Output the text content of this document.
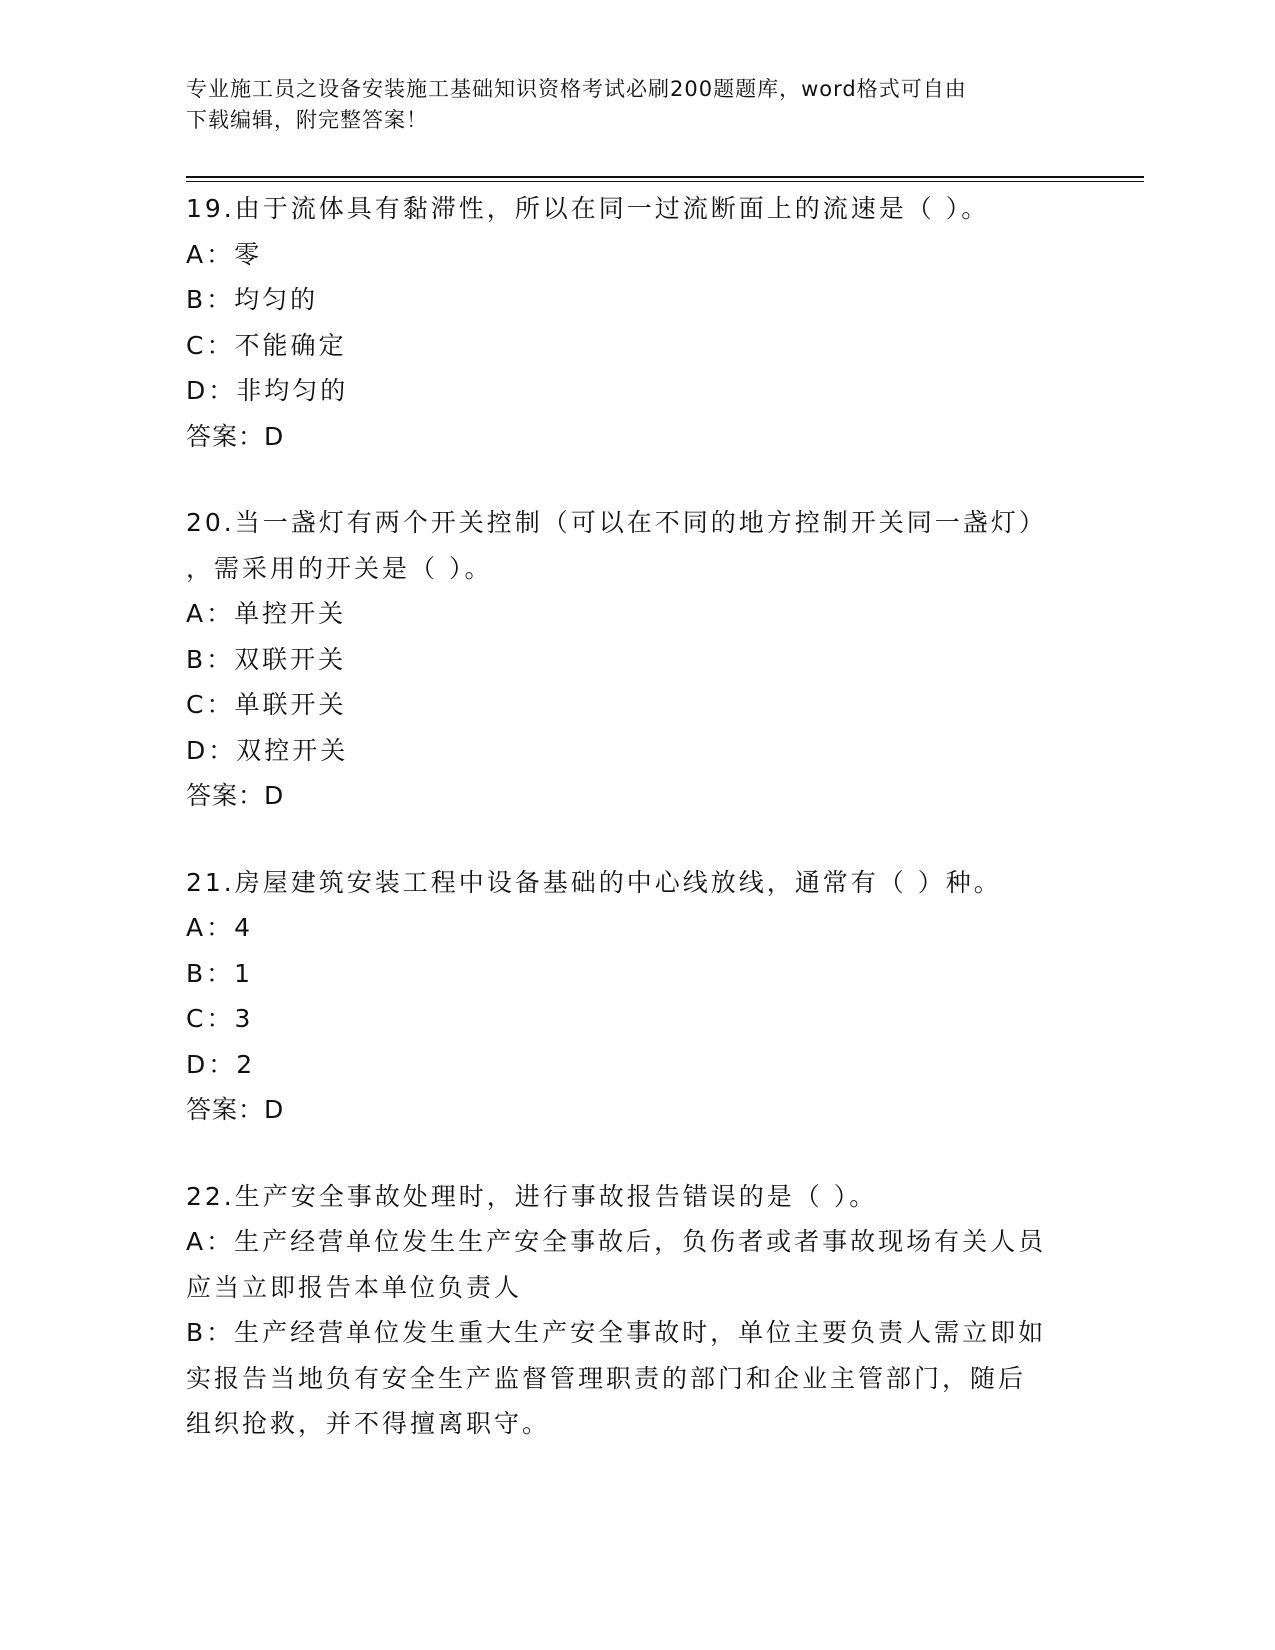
专业施工员之设备安装施工基础知识资格考试必刷200题题库，word格式可自由
下载编辑，附完整答案！
19.由于流体具有黏滞性，所以在同一过流断面上的流速是（ ）。
A：零
B：均匀的
C：不能确定
D：非均匀的
答案：D
20.当一盏灯有两个开关控制（可以在不同的地方控制开关同一盏灯）
，需采用的开关是（ ）。
A：单控开关
B：双联开关
C：单联开关
D：双控开关
答案：D
21.房屋建筑安装工程中设备基础的中心线放线，通常有（ ）种。
A：4
B：1
C：3
D：2
答案：D
22.生产安全事故处理时，进行事故报告错误的是（ ）。
A：生产经营单位发生生产安全事故后，负伤者或者事故现场有关人员
应当立即报告本单位负责人
B：生产经营单位发生重大生产安全事故时，单位主要负责人需立即如
实报告当地负有安全生产监督管理职责的部门和企业主管部门，随后
组织抢救，并不得擅离职守。
